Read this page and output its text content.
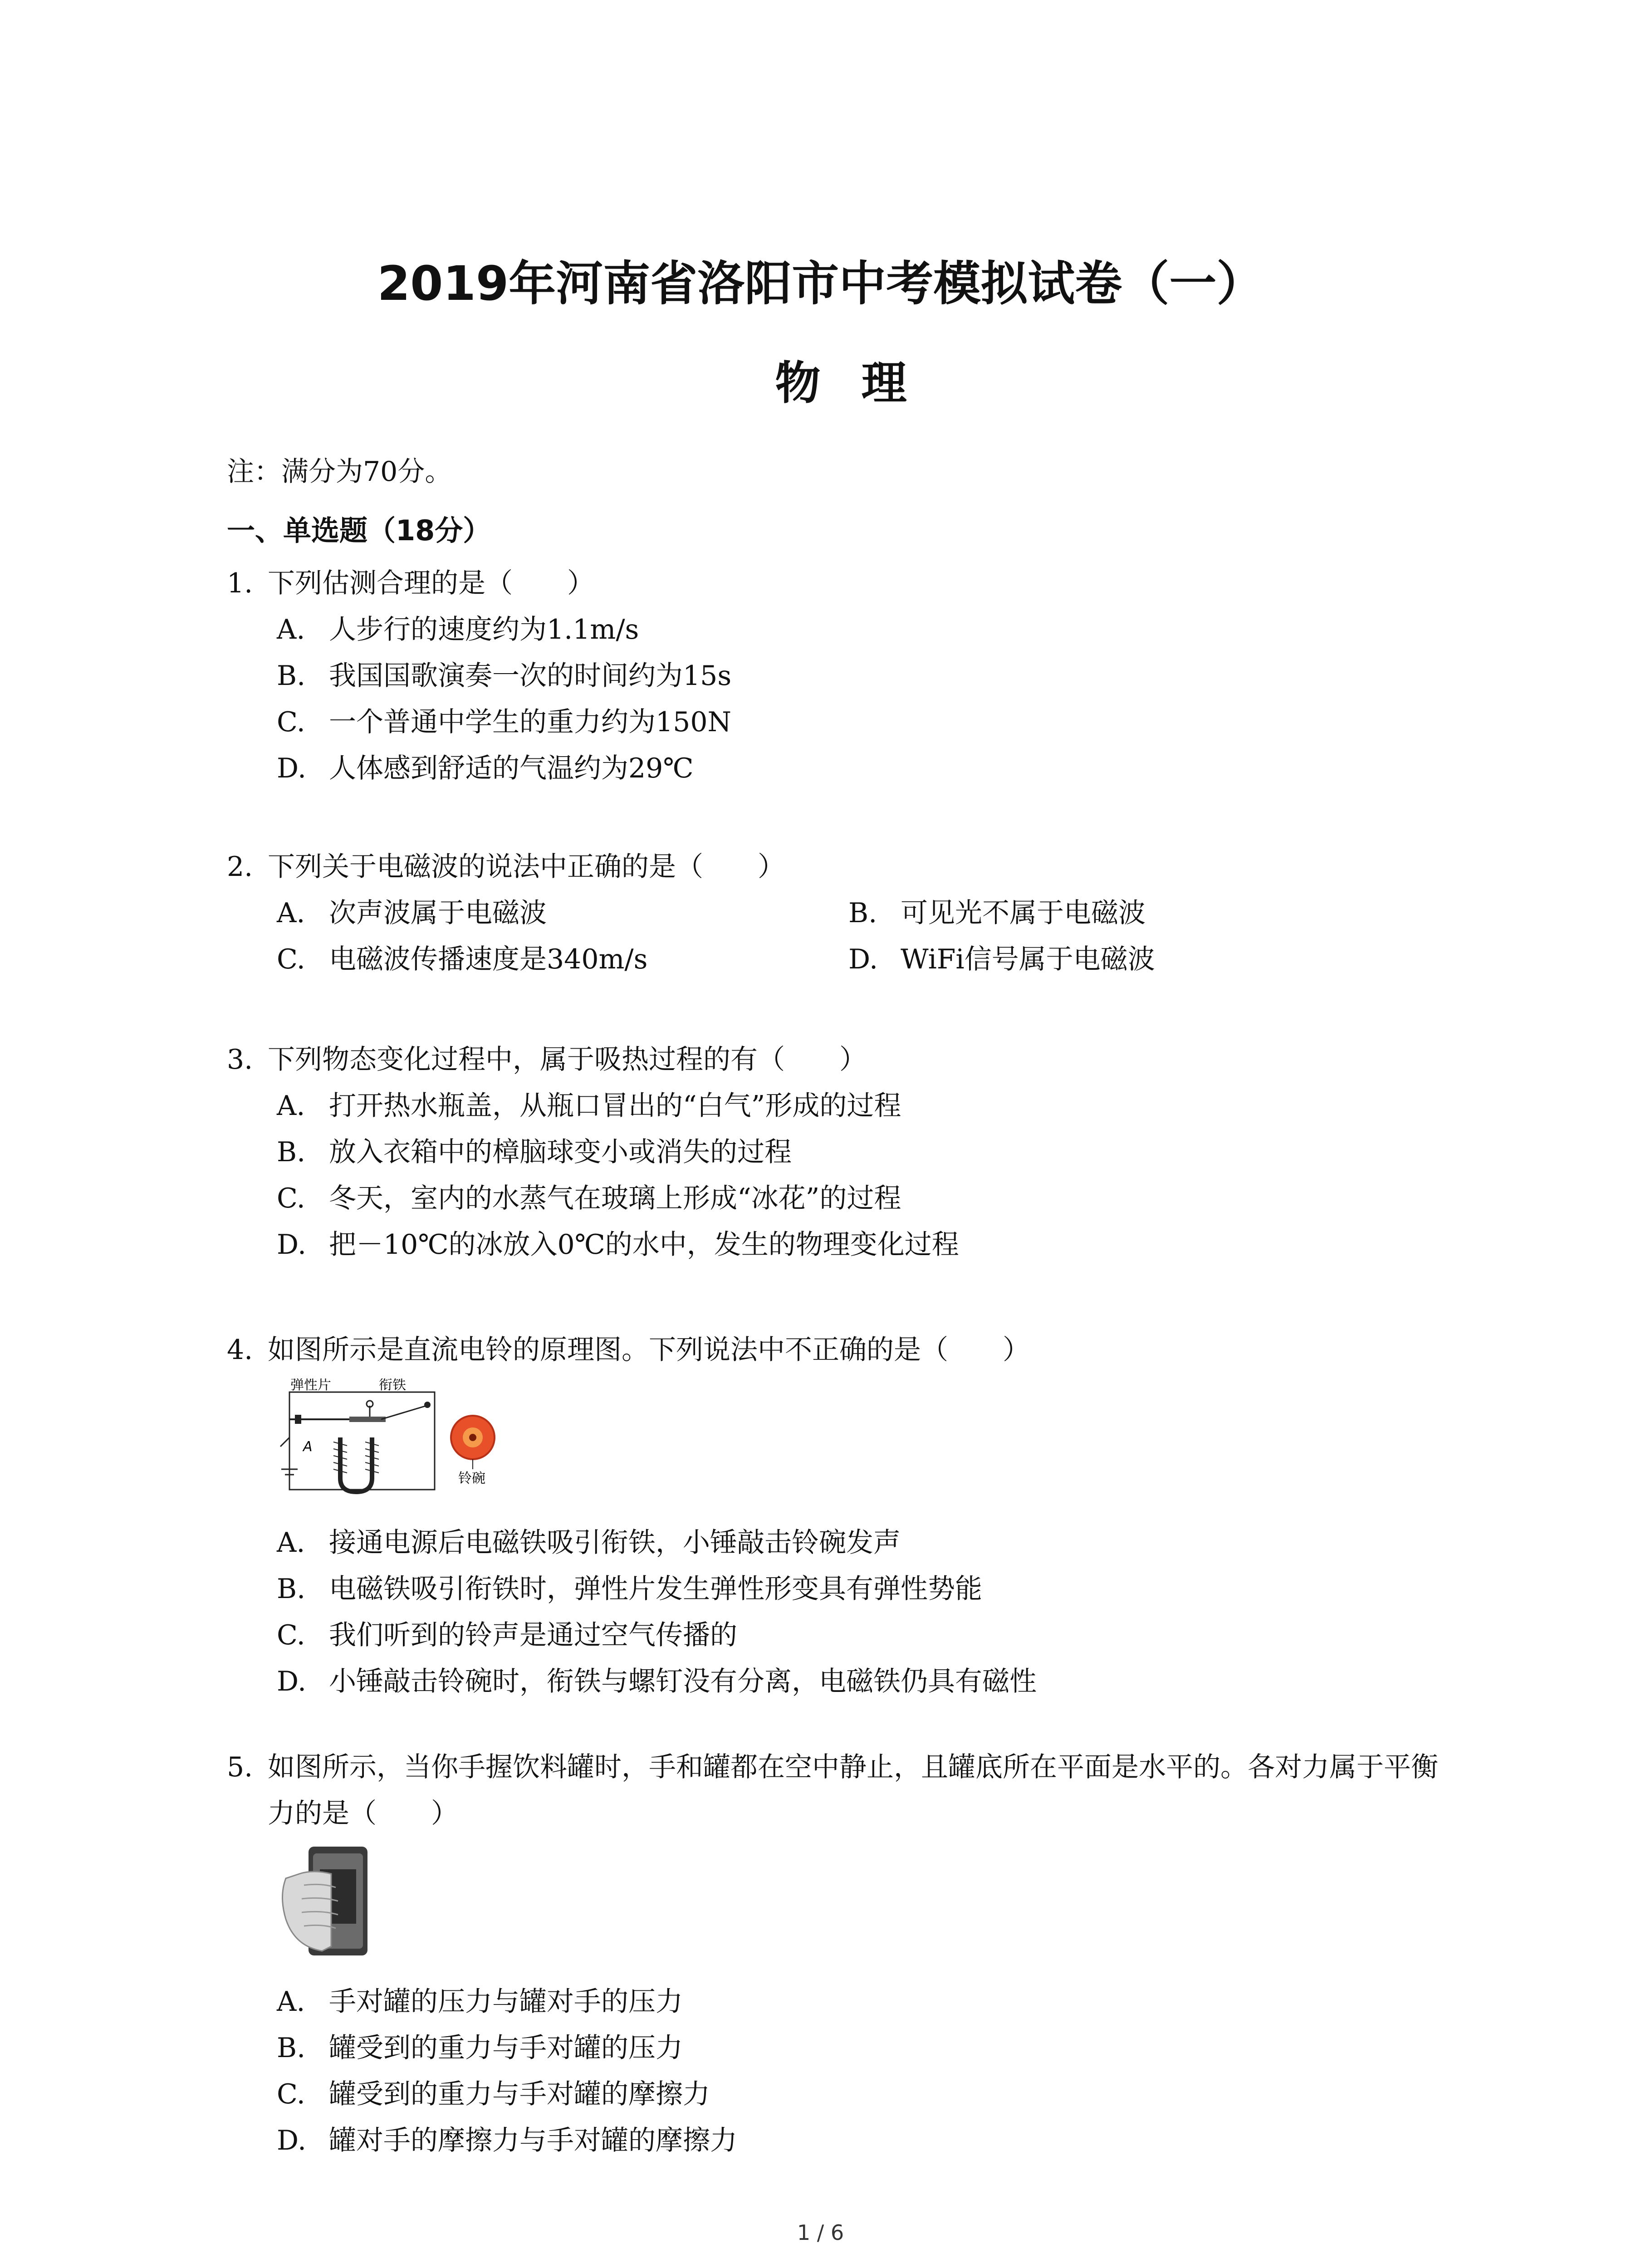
2019年河南省洛阳市中考模拟试卷（一）
物理
注：满分为70分。
一、单选题（18分）
1. 下列估测合理的是（　　）
A. 人步行的速度约为1.1m/s
B. 我国国歌演奏一次的时间约为15s
C. 一个普通中学生的重力约为150N
D. 人体感到舒适的气温约为29℃
2. 下列关于电磁波的说法中正确的是（　　）
A. 次声波属于电磁波	B. 可见光不属于电磁波
C. 电磁波传播速度是340m/s	D. WiFi信号属于电磁波
3. 下列物态变化过程中，属于吸热过程的有（　　）
A. 打开热水瓶盖，从瓶口冒出的“白气”形成的过程
B. 放入衣箱中的樟脑球变小或消失的过程
C. 冬天，室内的水蒸气在玻璃上形成“冰花”的过程
D. 把－10℃的冰放入0℃的水中，发生的物理变化过程
4. 如图所示是直流电铃的原理图。下列说法中不正确的是（　　）
弹性片	衔铁
A
铃碗
A. 接通电源后电磁铁吸引衔铁，小锤敲击铃碗发声
B. 电磁铁吸引衔铁时，弹性片发生弹性形变具有弹性势能
C. 我们听到的铃声是通过空气传播的
D. 小锤敲击铃碗时，衔铁与螺钉没有分离，电磁铁仍具有磁性
5. 如图所示，当你手握饮料罐时，手和罐都在空中静止，且罐底所在平面是水平的。各对力属于平衡力的是（　　）
A. 手对罐的压力与罐对手的压力
B. 罐受到的重力与手对罐的压力
C. 罐受到的重力与手对罐的摩擦力
D. 罐对手的摩擦力与手对罐的摩擦力
1 / 6
